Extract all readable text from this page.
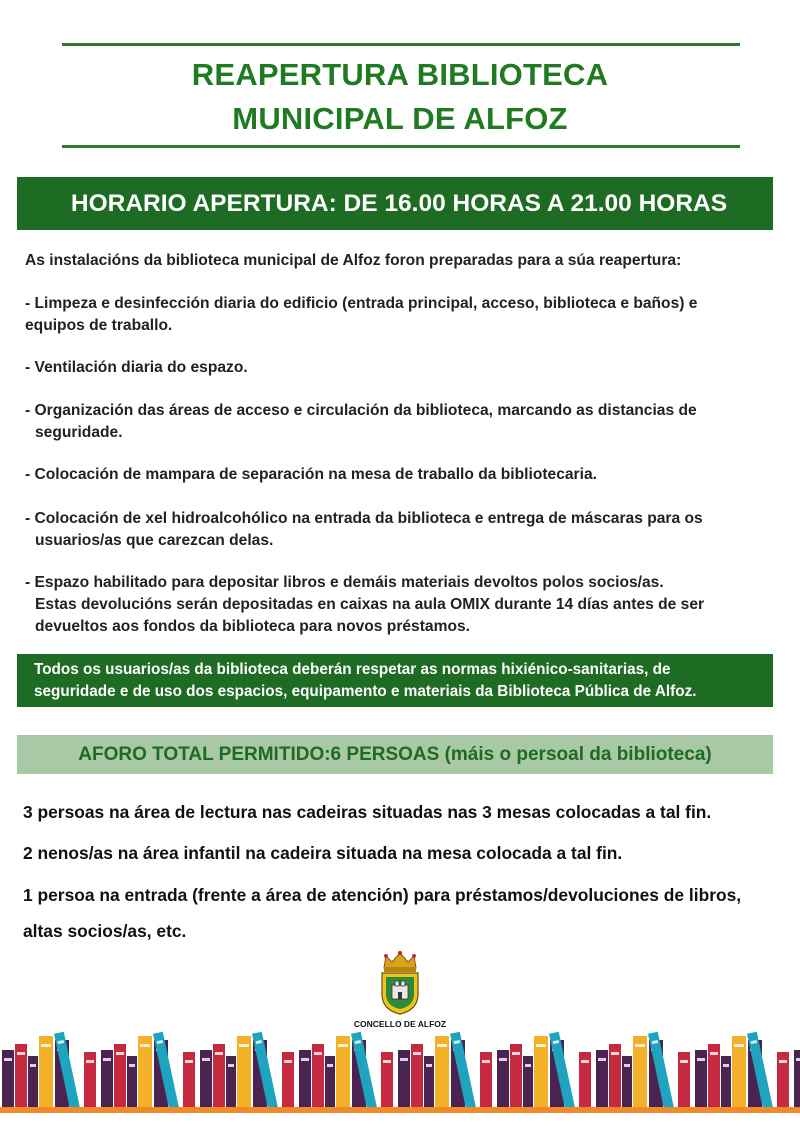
REAPERTURA BIBLIOTECA
MUNICIPAL DE ALFOZ
HORARIO APERTURA: DE 16.00 HORAS A 21.00 HORAS

As instalacións da biblioteca municipal de Alfoz foron preparadas para a súa reapertura:

- Limpeza e desinfección diaria do edificio (entrada principal, acceso, biblioteca e baños) e

equipos de traballo.

- Ventilación diaria do espazo.

- Organización das áreas de acceso e circulación da biblioteca, marcando as distancias de

seguridade.

- Colocación de mampara de separación na mesa de traballo da bibliotecaria.

- Colocación de xel hidroalcohólico na entrada da biblioteca e entrega de máscaras para os

usuarios/as que carezcan delas.

- Espazo habilitado para depositar libros e demáis materiais devoltos polos socios/as.

Estas devolucións serán depositadas en caixas na aula OMIX durante 14 días antes de ser

devueltos aos fondos da biblioteca para novos préstamos.

Todos os usuarios/as da biblioteca deberán respetar as normas hixiénico-sanitarias, de
seguridade e de uso dos espacios, equipamento e materiais da Biblioteca Pública de Alfoz.
AFORO TOTAL PERMITIDO:6 PERSOAS (máis o persoal da biblioteca)
3 persoas na área de lectura nas cadeiras situadas nas 3 mesas colocadas a tal fin.
2 nenos/as na área infantil na cadeira situada na mesa colocada a tal fin.
1 persoa na entrada (frente a área de atención) para préstamos/devoluciones de libros,
altas socios/as, etc.
CONCELLO DE ALFOZ
